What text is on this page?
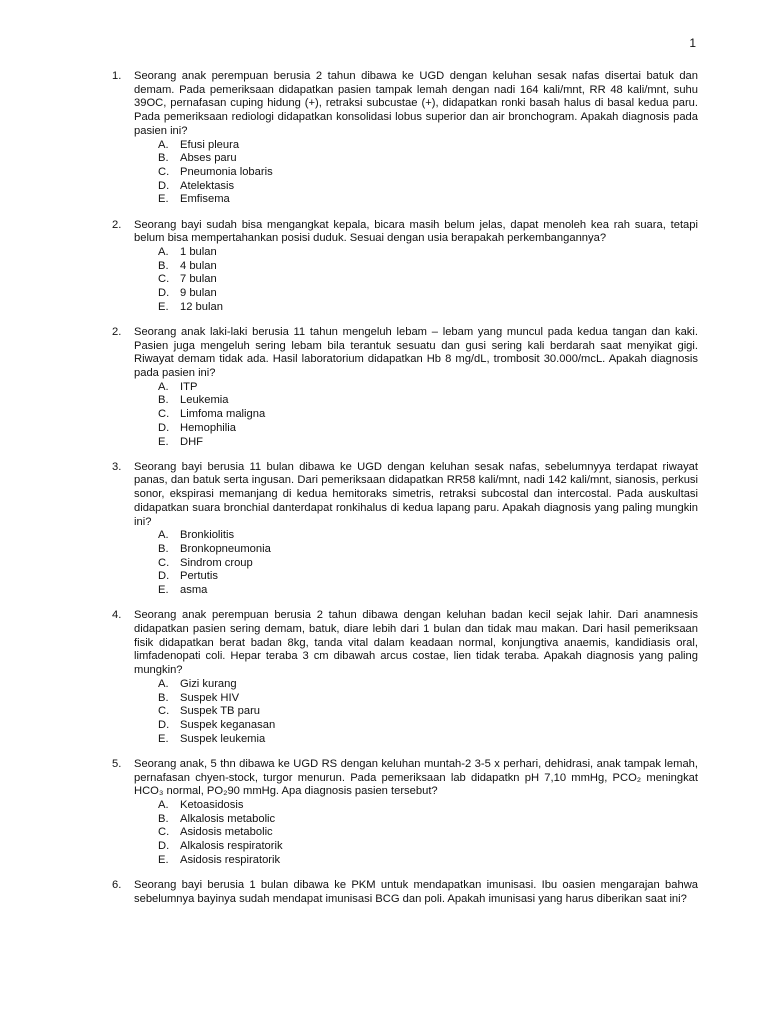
1
1. Seorang anak perempuan berusia 2 tahun dibawa ke UGD dengan keluhan sesak nafas disertai batuk dan demam. Pada pemeriksaan didapatkan pasien tampak lemah dengan nadi 164 kali/mnt, RR 48 kali/mnt, suhu 39OC, pernafasan cuping hidung (+), retraksi subcustae (+), didapatkan ronki basah halus di basal kedua paru. Pada pemeriksaan rediologi didapatkan konsolidasi lobus superior dan air bronchogram. Apakah diagnosis pada pasien ini?
A. Efusi pleura
B. Abses paru
C. Pneumonia lobaris
D. Atelektasis
E. Emfisema
2. Seorang bayi sudah bisa mengangkat kepala, bicara masih belum jelas, dapat menoleh kea rah suara, tetapi belum bisa mempertahankan posisi duduk. Sesuai dengan usia berapakah perkembangannya?
A. 1 bulan
B. 4 bulan
C. 7 bulan
D. 9 bulan
E. 12 bulan
2. Seorang anak laki-laki berusia 11 tahun mengeluh lebam – lebam yang muncul pada kedua tangan dan kaki. Pasien juga mengeluh sering lebam bila terantuk sesuatu dan gusi sering kali berdarah saat menyikat gigi. Riwayat demam tidak ada. Hasil laboratorium didapatkan Hb 8 mg/dL, trombosit 30.000/mcL. Apakah diagnosis pada pasien ini?
A. ITP
B. Leukemia
C. Limfoma maligna
D. Hemophilia
E. DHF
3. Seorang bayi berusia 11 bulan dibawa ke UGD dengan keluhan sesak nafas, sebelumnyya terdapat riwayat panas, dan batuk serta ingusan. Dari pemeriksaan didapatkan RR58 kali/mnt, nadi 142 kali/mnt, sianosis, perkusi sonor, ekspirasi memanjang di kedua hemitoraks simetris, retraksi subcostal dan intercostal. Pada auskultasi didapatkan suara bronchial danterdapat ronkihalus di kedua lapang paru. Apakah diagnosis yang paling mungkin ini?
A. Bronkiolitis
B. Bronkopneumonia
C. Sindrom croup
D. Pertutis
E. asma
4. Seorang anak perempuan berusia 2 tahun dibawa dengan keluhan badan kecil sejak lahir. Dari anamnesis didapatkan pasien sering demam, batuk, diare lebih dari 1 bulan dan tidak mau makan. Dari hasil pemeriksaan fisik didapatkan berat badan 8kg, tanda vital dalam keadaan normal, konjungtiva anaemis, kandidiasis oral, limfadenopati coli. Hepar teraba 3 cm dibawah arcus costae, lien tidak teraba. Apakah diagnosis yang paling mungkin?
A. Gizi kurang
B. Suspek HIV
C. Suspek TB paru
D. Suspek keganasan
E. Suspek leukemia
5. Seorang anak, 5 thn dibawa ke UGD RS dengan keluhan muntah-2 3-5 x perhari, dehidrasi, anak tampak lemah, pernafasan chyen-stock, turgor menurun. Pada pemeriksaan lab didapatkn pH 7,10 mmHg, PCO₂ meningkat HCO₃ normal, PO₂90 mmHg. Apa diagnosis pasien tersebut?
A. Ketoasidosis
B. Alkalosis metabolic
C. Asidosis metabolic
D. Alkalosis respiratorik
E. Asidosis respiratorik
6. Seorang bayi berusia 1 bulan dibawa ke PKM untuk mendapatkan imunisasi. Ibu oasien mengarajan bahwa sebelumnya bayinya sudah mendapat imunisasi BCG dan poli. Apakah imunisasi yang harus diberikan saat ini?
